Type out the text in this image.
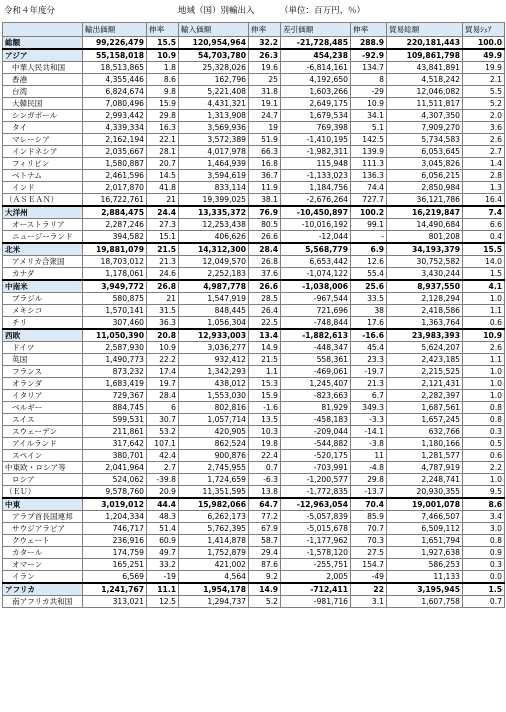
令和４年度分	地域（国）別輸出入	（単位：百万円、％）
	輸出価額	伸率	輸入価額	伸率	差引価額	伸率	貿易総額	貿易ｼｪｱ
総額	99,226,479	15.5	120,954,964	32.2	-21,728,485	288.9	220,181,443	100.0
アジア	55,158,018	10.9	54,703,780	26.3	454,238	-92.9	109,861,798	49.9
中華人民共和国	18,513,865	1.8	25,328,026	19.6	-6,814,161	134.7	43,841,891	19.9
香港	4,355,446	8.6	162,796	25	4,192,650	8	4,518,242	2.1
台湾	6,824,674	9.8	5,221,408	31.8	1,603,266	-29	12,046,082	5.5
大韓民国	7,080,496	15.9	4,431,321	19.1	2,649,175	10.9	11,511,817	5.2
シンガポール	2,993,442	29.8	1,313,908	24.7	1,679,534	34.1	4,307,350	2.0
タイ	4,339,334	16.3	3,569,936	19	769,398	5.1	7,909,270	3.6
マレーシア	2,162,194	22.1	3,572,389	51.9	-1,410,195	142.5	5,734,583	2.6
インドネシア	2,035,667	28.1	4,017,978	66.3	-1,982,311	139.9	6,053,645	2.7
フィリピン	1,580,887	20.7	1,464,939	16.8	115,948	111.3	3,045,826	1.4
ベトナム	2,461,596	14.5	3,594,619	36.7	-1,133,023	136.3	6,056,215	2.8
インド	2,017,870	41.8	833,114	11.9	1,184,756	74.4	2,850,984	1.3
（ＡＳＥＡＮ）	16,722,761	21	19,399,025	38.1	-2,676,264	727.7	36,121,786	16.4
大洋州	2,884,475	24.4	13,335,372	76.9	-10,450,897	100.2	16,219,847	7.4
オーストラリア	2,287,246	27.3	12,253,438	80.5	-10,016,192	99.1	14,490,684	6.6
ニュージーランド	394,582	15.1	406,626	26.6	-12,044	-	801,208	0.4
北米	19,881,079	21.5	14,312,300	28.4	5,568,779	6.9	34,193,379	15.5
アメリカ合衆国	18,703,012	21.3	12,049,570	26.8	6,653,442	12.6	30,752,582	14.0
カナダ	1,178,061	24.6	2,252,183	37.6	-1,074,122	55.4	3,430,244	1.5
中南米	3,949,772	26.8	4,987,778	26.6	-1,038,006	25.6	8,937,550	4.1
ブラジル	580,875	21	1,547,919	28.5	-967,544	33.5	2,128,294	1.0
メキシコ	1,570,141	31.5	848,445	26.4	721,696	38	2,418,586	1.1
チリ	307,460	36.3	1,056,304	22.5	-748,844	17.6	1,363,764	0.6
西欧	11,050,390	20.8	12,933,003	13.4	-1,882,613	-16.6	23,983,393	10.9
ドイツ	2,587,930	10.9	3,036,277	14.9	-448,347	45.4	5,624,207	2.6
英国	1,490,773	22.2	932,412	21.5	558,361	23.3	2,423,185	1.1
フランス	873,232	17.4	1,342,293	1.1	-469,061	-19.7	2,215,525	1.0
オランダ	1,683,419	19.7	438,012	15.3	1,245,407	21.3	2,121,431	1.0
イタリア	729,367	28.4	1,553,030	15.9	-823,663	6.7	2,282,397	1.0
ベルギー	884,745	6	802,816	-1.6	81,929	349.3	1,687,561	0.8
スイス	599,531	30.7	1,057,714	13.5	-458,183	-3.3	1,657,245	0.8
スウェーデン	211,861	53.2	420,905	10.3	-209,044	-14.1	632,766	0.3
アイルランド	317,642	107.1	862,524	19.8	-544,882	-3.8	1,180,166	0.5
スペイン	380,701	42.4	900,876	22.4	-520,175	11	1,281,577	0.6
中東欧・ロシア等	2,041,964	2.7	2,745,955	0.7	-703,991	-4.8	4,787,919	2.2
ロシア	524,062	-39.8	1,724,659	-6.3	-1,200,577	29.8	2,248,741	1.0
（ＥＵ）	9,578,760	20.9	11,351,595	13.8	-1,772,835	-13.7	20,930,355	9.5
中東	3,019,012	44.4	15,982,066	64.7	-12,963,054	70.4	19,001,078	8.6
アラブ首長国連邦	1,204,334	48.3	6,262,173	77.2	-5,057,839	85.9	7,466,507	3.4
サウジアラビア	746,717	51.4	5,762,395	67.9	-5,015,678	70.7	6,509,112	3.0
クウェート	236,916	60.9	1,414,878	58.7	-1,177,962	70.3	1,651,794	0.8
カタール	174,759	49.7	1,752,879	29.4	-1,578,120	27.5	1,927,638	0.9
オマーン	165,251	33.2	421,002	87.6	-255,751	154.7	586,253	0.3
イラン	6,569	-19	4,564	9.2	2,005	-49	11,133	0.0
アフリカ	1,241,767	11.1	1,954,178	14.9	-712,411	22	3,195,945	1.5
南アフリカ共和国	313,021	12.5	1,294,737	5.2	-981,716	3.1	1,607,758	0.7
